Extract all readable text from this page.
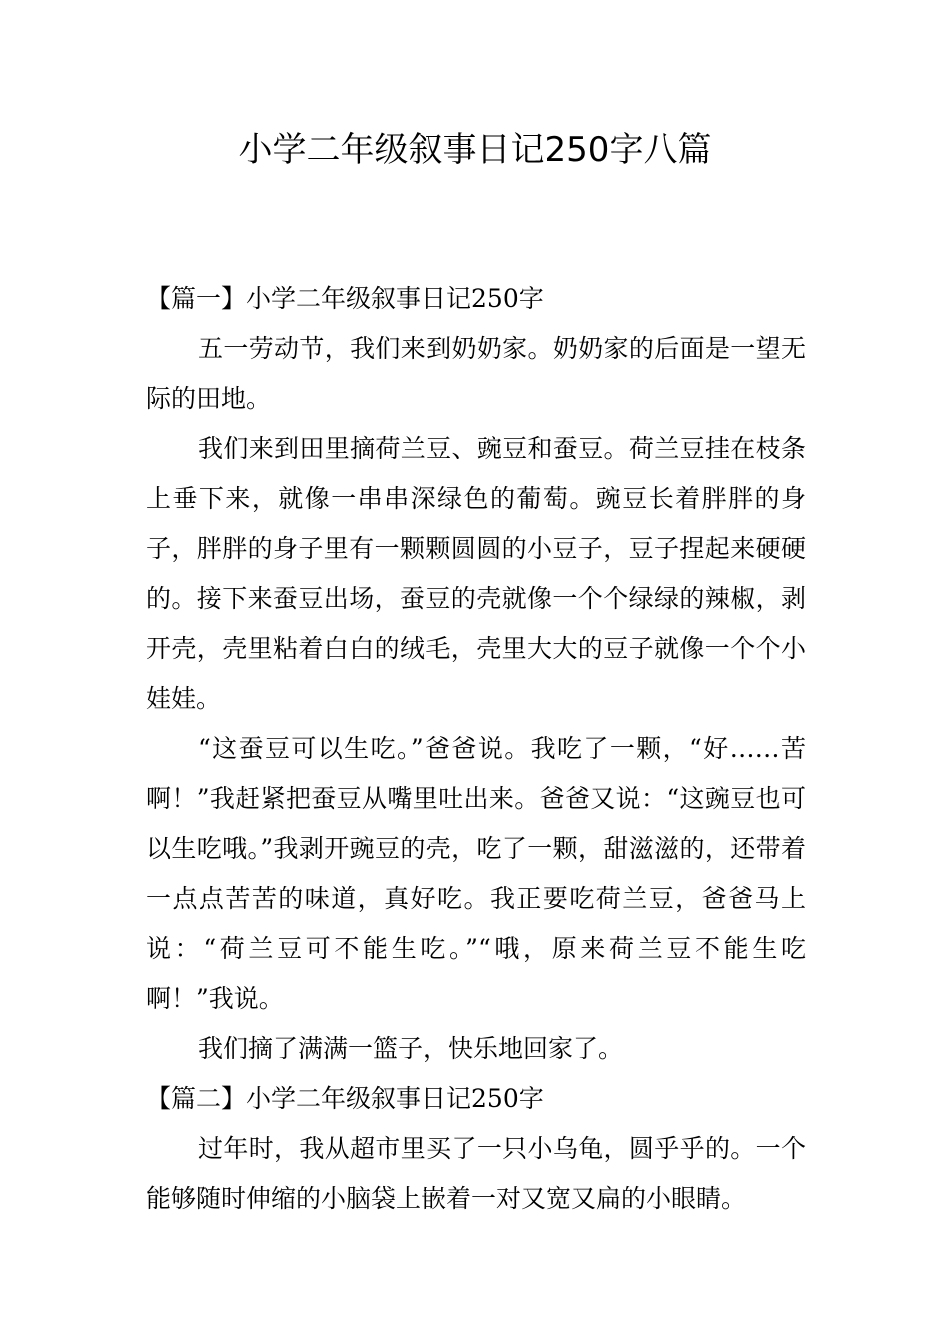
小学二年级叙事日记250字八篇

【篇一】小学二年级叙事日记250字

五一劳动节，我们来到奶奶家。奶奶家的后面是一望无际的田地。

我们来到田里摘荷兰豆、豌豆和蚕豆。荷兰豆挂在枝条上垂下来，就像一串串深绿色的葡萄。豌豆长着胖胖的身子，胖胖的身子里有一颗颗圆圆的小豆子，豆子捏起来硬硬的。接下来蚕豆出场，蚕豆的壳就像一个个绿绿的辣椒，剥开壳，壳里粘着白白的绒毛，壳里大大的豆子就像一个个小娃娃。

“这蚕豆可以生吃。”爸爸说。我吃了一颗，“好……苦啊！”我赶紧把蚕豆从嘴里吐出来。爸爸又说：“这豌豆也可以生吃哦。”我剥开豌豆的壳，吃了一颗，甜滋滋的，还带着一点点苦苦的味道，真好吃。我正要吃荷兰豆，爸爸马上说：“荷兰豆可不能生吃。”“哦，原来荷兰豆不能生吃啊！”我说。

我们摘了满满一篮子，快乐地回家了。

【篇二】小学二年级叙事日记250字

过年时，我从超市里买了一只小乌龟，圆乎乎的。一个能够随时伸缩的小脑袋上嵌着一对又宽又扁的小眼睛。
